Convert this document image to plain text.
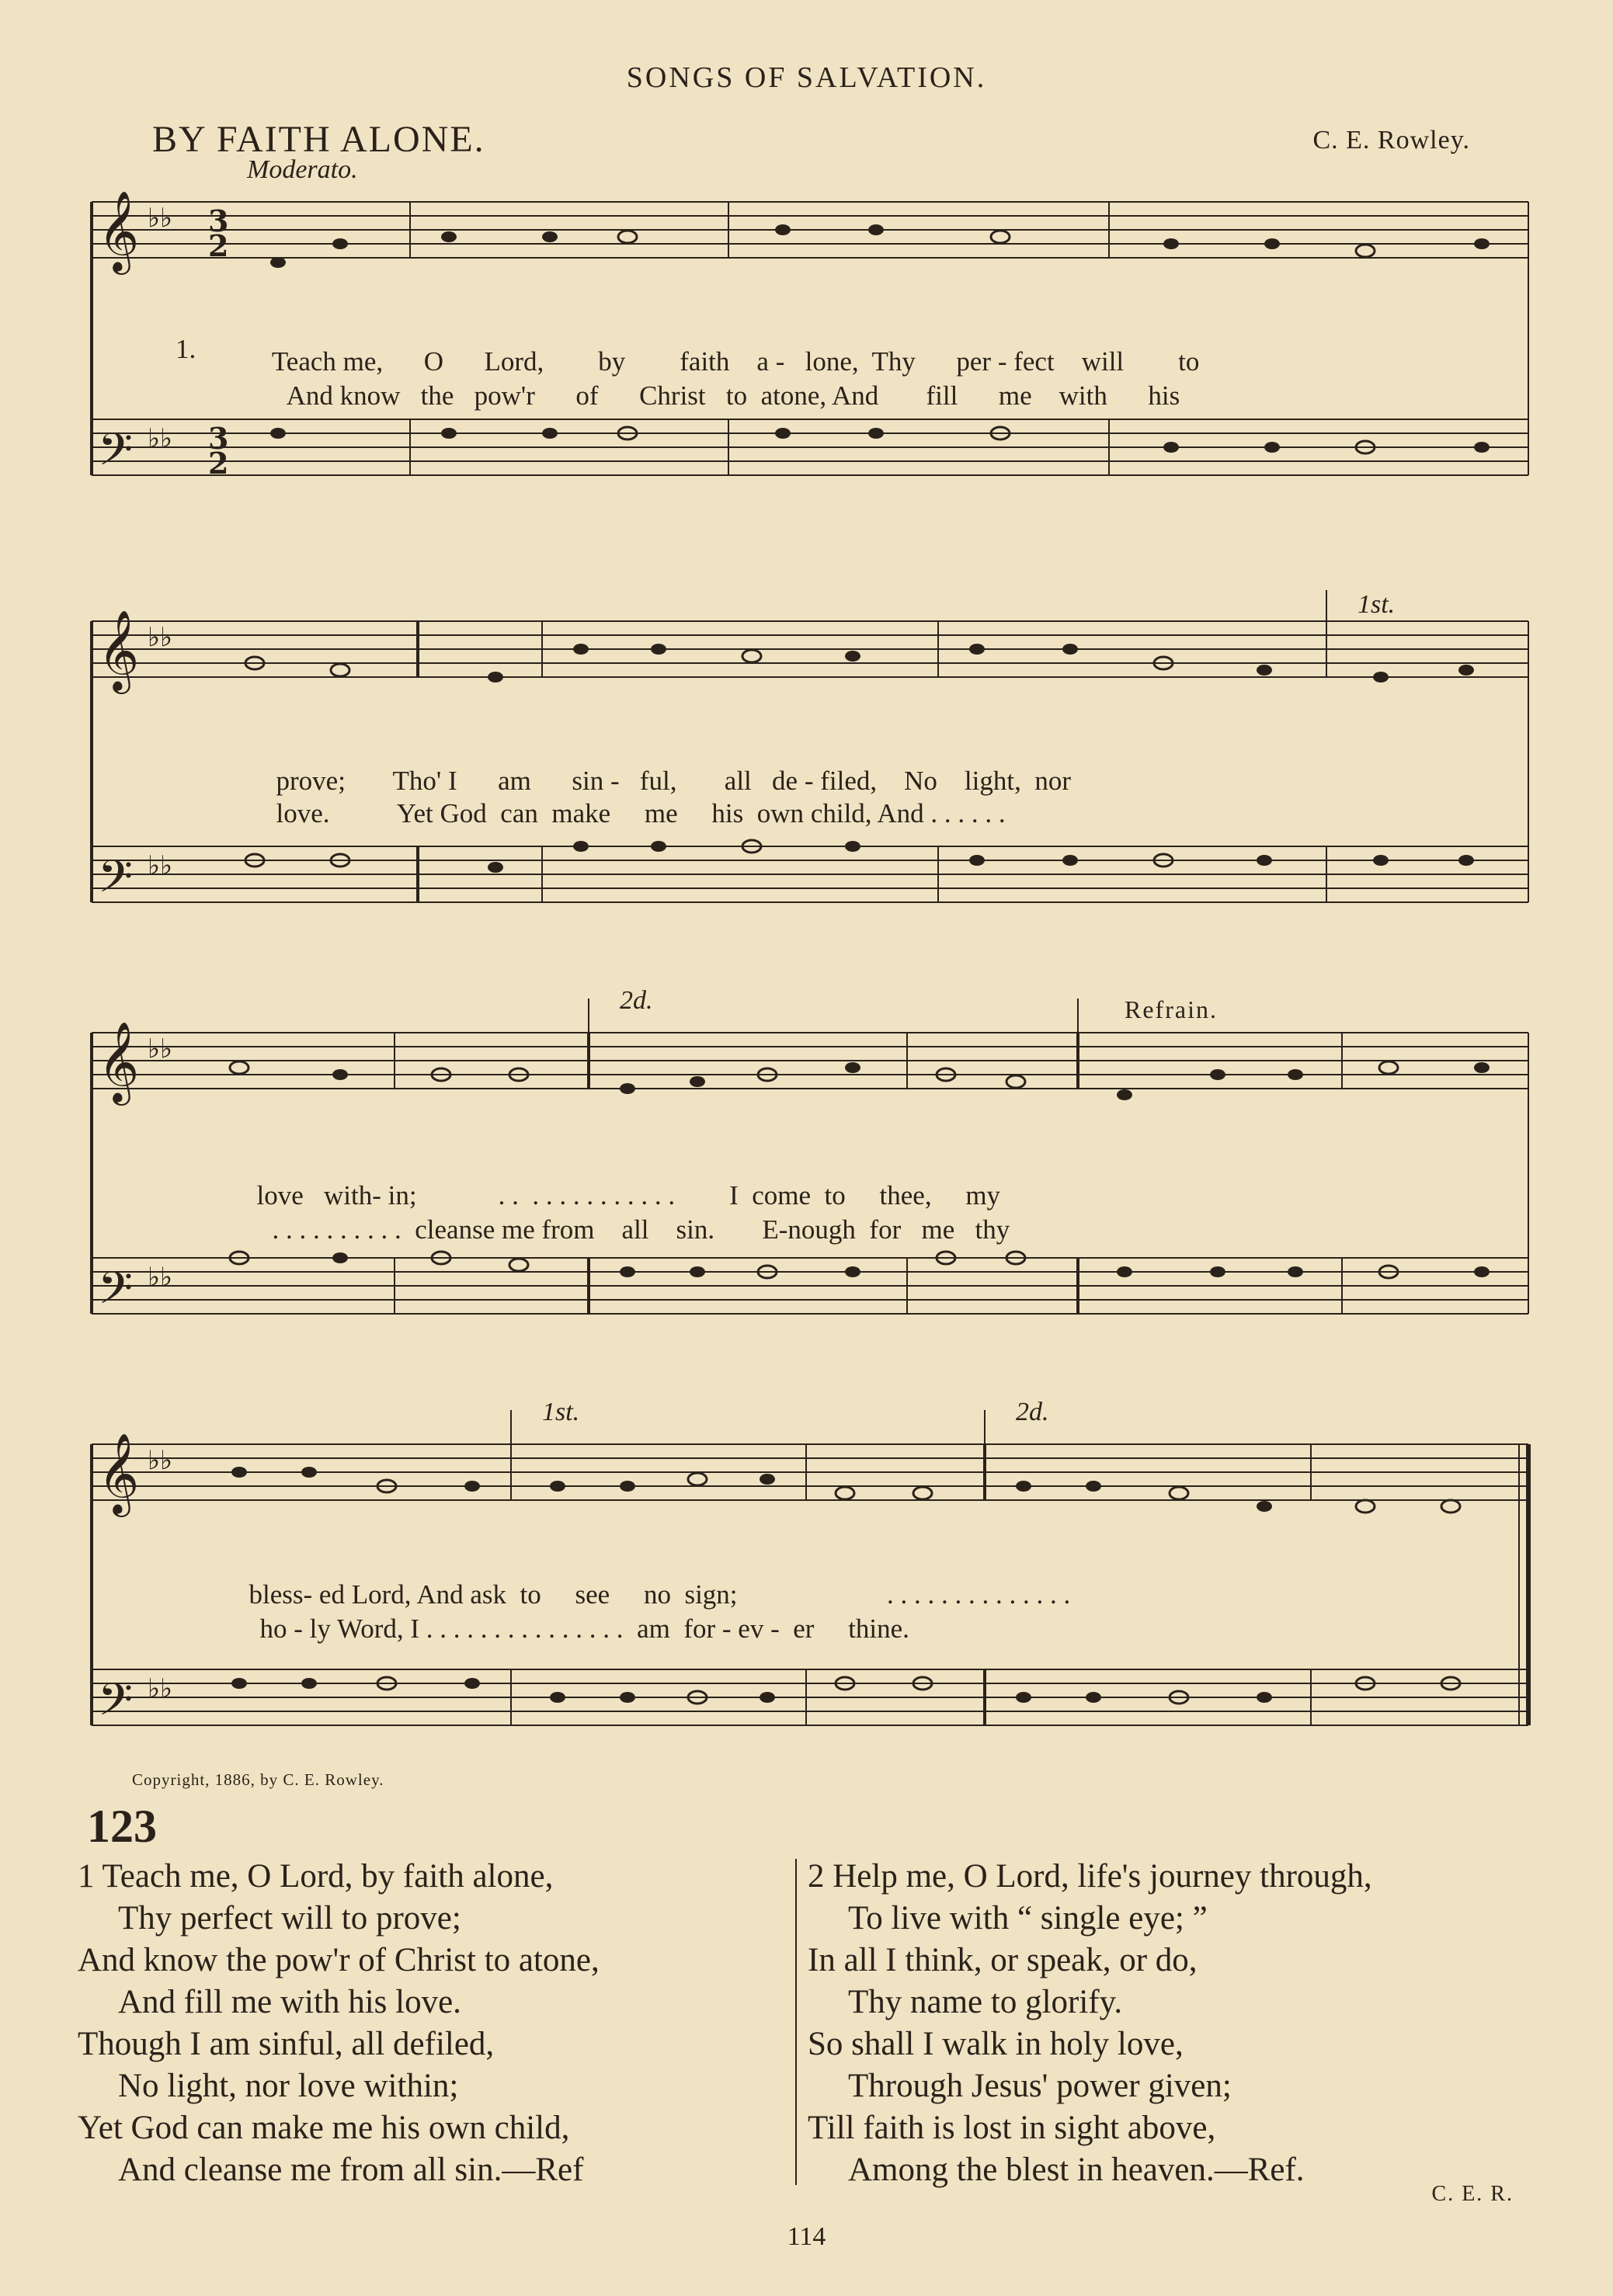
SONGS OF SALVATION.
BY FAITH ALONE.	C. E. Rowley.
Moderato.
𝄞
𝄢
♭♭
♭♭
3
2
3
2
1.	Teach me, O Lord, by faith a - lone, Thy per - fect will to

And know the pow'r of Christ to atone, And fill me with his

𝄞
𝄢
♭♭
♭♭
1st.

prove; Tho' I am sin - ful, all de - filed, No light, nor

love. Yet God can make me his own child, And . . . . . .

𝄞
𝄢
♭♭
♭♭
2d.	Refrain.

love with- in;	. .  . . . . . . . . . . . I  come to thee, my

. . . . . . . . . . cleanse me from all sin. E-nough for me thy

𝄞
𝄢
♭♭
♭♭
1st.	2d.

bless- ed Lord, And ask to see no sign;	. . . . . . . . . . . . . .

ho - ly Word, I . . . . . . . . . . . . . . . am for - ev - er thine.

Copyright, 1886, by C. E. Rowley.
123
1 Teach me, O Lord, by faith alone,
Thy perfect will to prove;
And know the pow'r of Christ to atone,
And fill me with his love.
Though I am sinful, all defiled,
No light, nor love within;
Yet God can make me his own child,
And cleanse me from all sin.—Ref
2 Help me, O Lord, life's journey through,
To live with “ single eye; ”
In all I think, or speak, or do,
Thy name to glorify.
So shall I walk in holy love,
Through Jesus' power given;
Till faith is lost in sight above,
Among the blest in heaven.—Ref.
C. E. R.
114
